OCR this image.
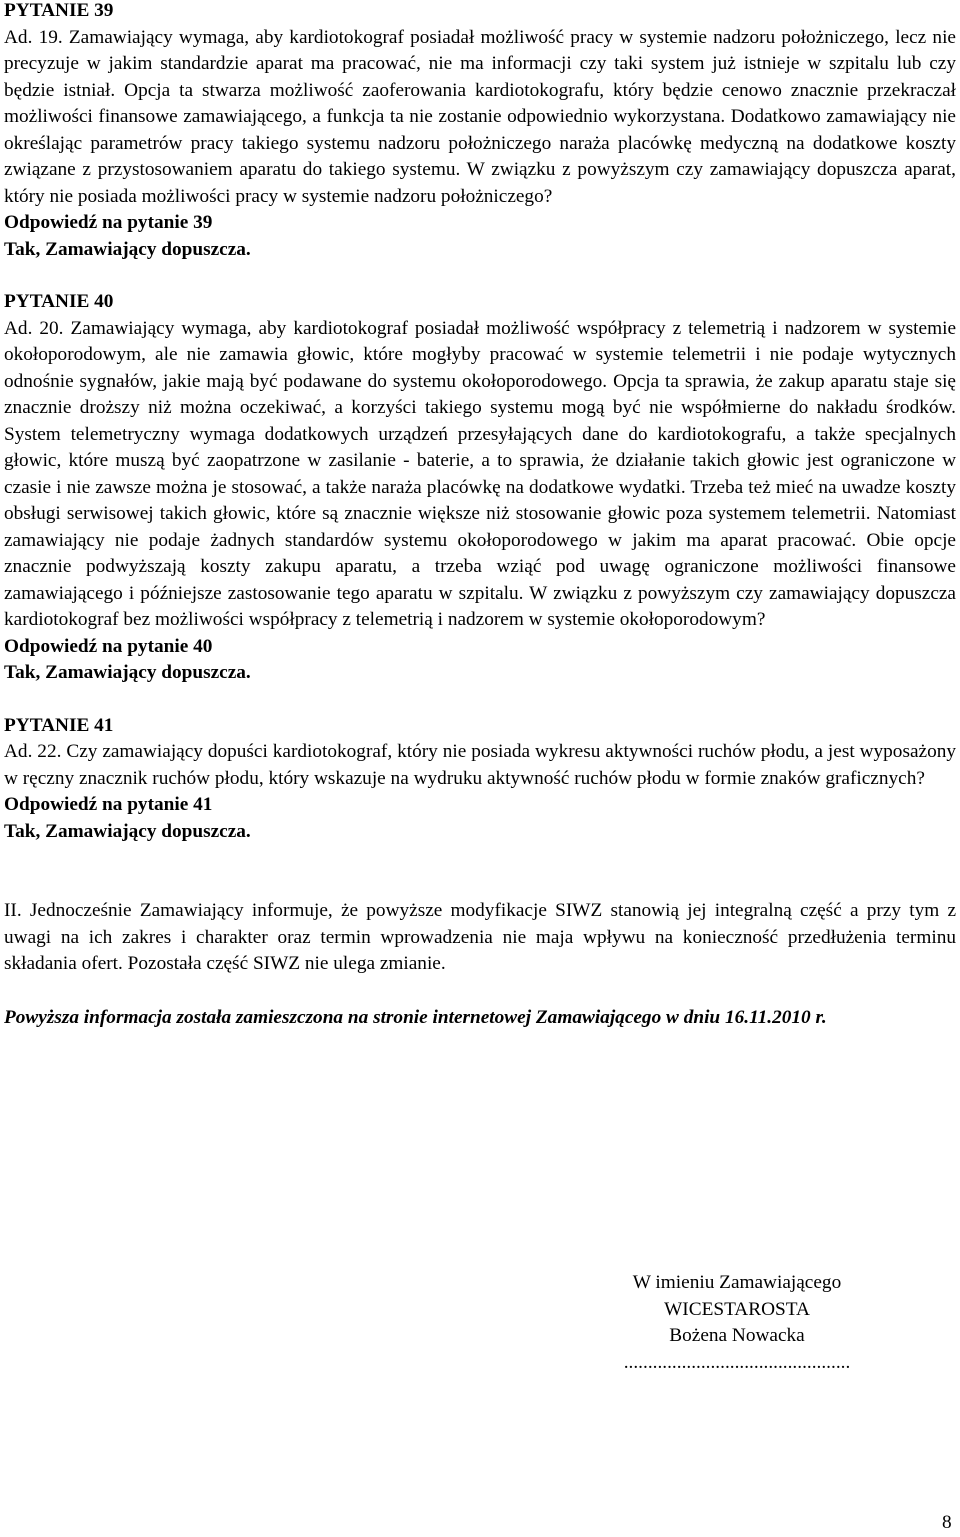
PYTANIE 39

Ad. 19. Zamawiający wymaga, aby kardiotokograf posiadał możliwość pracy w systemie nadzoru położniczego, lecz nie precyzuje w jakim standardzie aparat ma pracować, nie ma informacji czy taki system już istnieje w szpitalu lub czy będzie istniał. Opcja ta stwarza możliwość zaoferowania kardiotokografu, który będzie cenowo znacznie przekraczał możliwości finansowe zamawiającego, a funkcja ta nie zostanie odpowiednio wykorzystana. Dodatkowo zamawiający nie określając parametrów pracy takiego systemu nadzoru położniczego naraża placówkę medyczną na dodatkowe koszty związane z przystosowaniem aparatu do takiego systemu. W związku z powyższym czy zamawiający dopuszcza aparat, który nie posiada możliwości pracy w systemie nadzoru położniczego?

Odpowiedź na pytanie 39

Tak, Zamawiający dopuszcza.

PYTANIE 40

Ad. 20. Zamawiający wymaga, aby kardiotokograf posiadał możliwość współpracy z telemetrią i nadzorem w systemie okołoporodowym, ale nie zamawia głowic, które mogłyby pracować w systemie telemetrii i nie podaje wytycznych odnośnie sygnałów, jakie mają być podawane do systemu okołoporodowego. Opcja ta sprawia, że zakup aparatu staje się znacznie droższy niż można oczekiwać, a korzyści takiego systemu mogą być nie współmierne do nakładu środków. System telemetryczny wymaga dodatkowych urządzeń przesyłających dane do kardiotokografu, a także specjalnych głowic, które muszą być zaopatrzone w zasilanie - baterie, a to sprawia, że działanie takich głowic jest ograniczone w czasie i nie zawsze można je stosować, a także naraża placówkę na dodatkowe wydatki. Trzeba też mieć na uwadze koszty obsługi serwisowej takich głowic, które są znacznie większe niż stosowanie głowic poza systemem telemetrii. Natomiast zamawiający nie podaje żadnych standardów systemu okołoporodowego w jakim ma aparat pracować. Obie opcje znacznie podwyższają koszty zakupu aparatu, a trzeba wziąć pod uwagę ograniczone możliwości finansowe zamawiającego i późniejsze zastosowanie tego aparatu w szpitalu. W związku z powyższym czy zamawiający dopuszcza kardiotokograf bez możliwości współpracy z telemetrią i nadzorem w systemie okołoporodowym?

Odpowiedź na pytanie 40

Tak, Zamawiający dopuszcza.

PYTANIE 41

Ad. 22. Czy zamawiający dopuści kardiotokograf, który nie posiada wykresu aktywności ruchów płodu, a jest wyposażony w ręczny znacznik ruchów płodu, który wskazuje na wydruku aktywność ruchów płodu w formie znaków graficznych?

Odpowiedź na pytanie 41

Tak, Zamawiający dopuszcza.

II. Jednocześnie Zamawiający informuje, że powyższe modyfikacje SIWZ stanowią jej integralną część a przy tym z uwagi na ich zakres i charakter oraz termin wprowadzenia nie maja wpływu na konieczność przedłużenia terminu składania ofert. Pozostała część SIWZ nie ulega zmianie.

Powyższa informacja została zamieszczona na stronie internetowej Zamawiającego w dniu 16.11.2010 r.

W imieniu Zamawiającego
WICESTAROSTA
Bożena Nowacka
...............................................
8
